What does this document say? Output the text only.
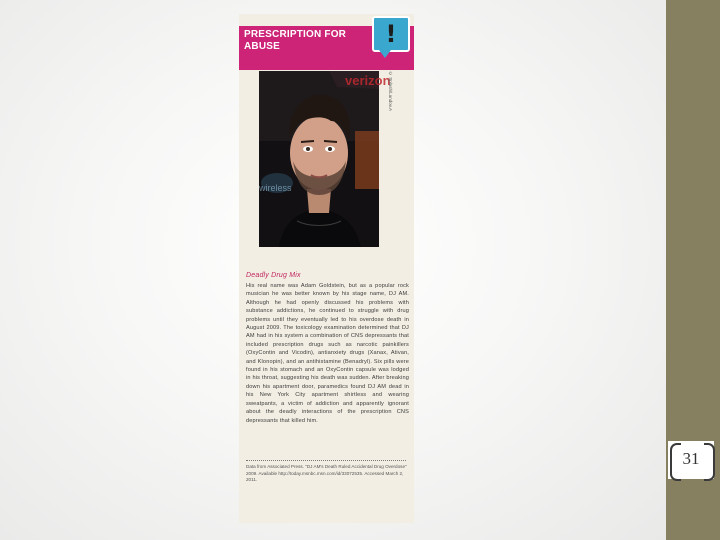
31
PRESCRIPTION FOR ABUSE	!
verizon
wireless
© Splash/Landov.A
Deadly Drug Mix
His real name was Adam Goldstein, but as a popular rock musician he was better known by his stage name, DJ AM. Although he had openly discussed his problems with substance addictions, he continued to struggle with drug problems until they eventually led to his overdose death in August 2009. The toxicology examination determined that DJ AM had in his system a combination of CNS depressants that included prescription drugs such as narcotic painkillers (OxyContin and Vicodin), antianxiety drugs (Xanax, Ativan, and Klonopin), and an antihistamine (Benadryl). Six pills were found in his stomach and an OxyContin capsule was lodged in his throat, suggesting his death was sudden. After breaking down his apartment door, paramedics found DJ AM dead in his New York City apartment shirtless and wearing sweatpants, a victim of addiction and apparently ignorant about the deadly interactions of the prescription CNS depressants that killed him.
Data from Associated Press. "DJ AM's Death Ruled Accidental Drug Overdose" 2009. Available http://today.msnbc.msn.com/id/33072535. Accessed March 2, 2011.
